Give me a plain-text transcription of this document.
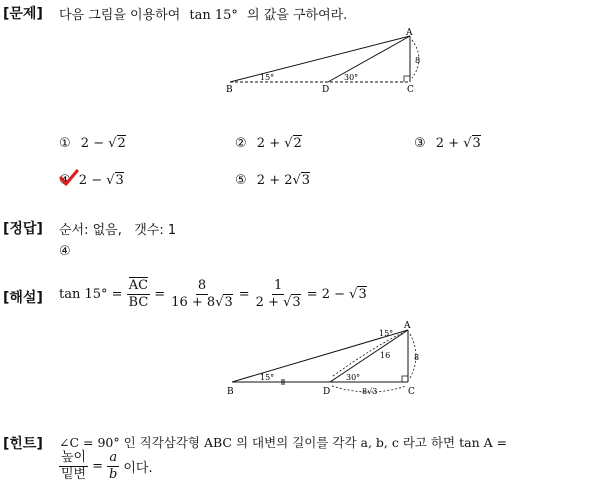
[문제] 다음 그림을 이용하여 tan 15° 의 값을 구하여라.
A
B	C
D
15°	30°
8
① 2 − √2	② 2 + √2	③ 2 + √3
④ 2 − √3	⑤ 2 + 2√3
[정답] 순서: 없음,   갯수: 1
④
[해설] $\tan 15^\circ = \frac{AC}{BC} = \frac{8}{16 + 8√3} = \frac{1}{2 + √3} = 2 - √3$
A
B	C
D
15°
15°	30°
16	8
8√3
[힌트] ∠C = 90° 인 직각삼각형 ABC 의 대변의 길이를 각각 a, b, c 라고 하면 tan A =
$\frac{\text{높이}}{\text{밑변}} = \frac{a}{b}$ 이다.
